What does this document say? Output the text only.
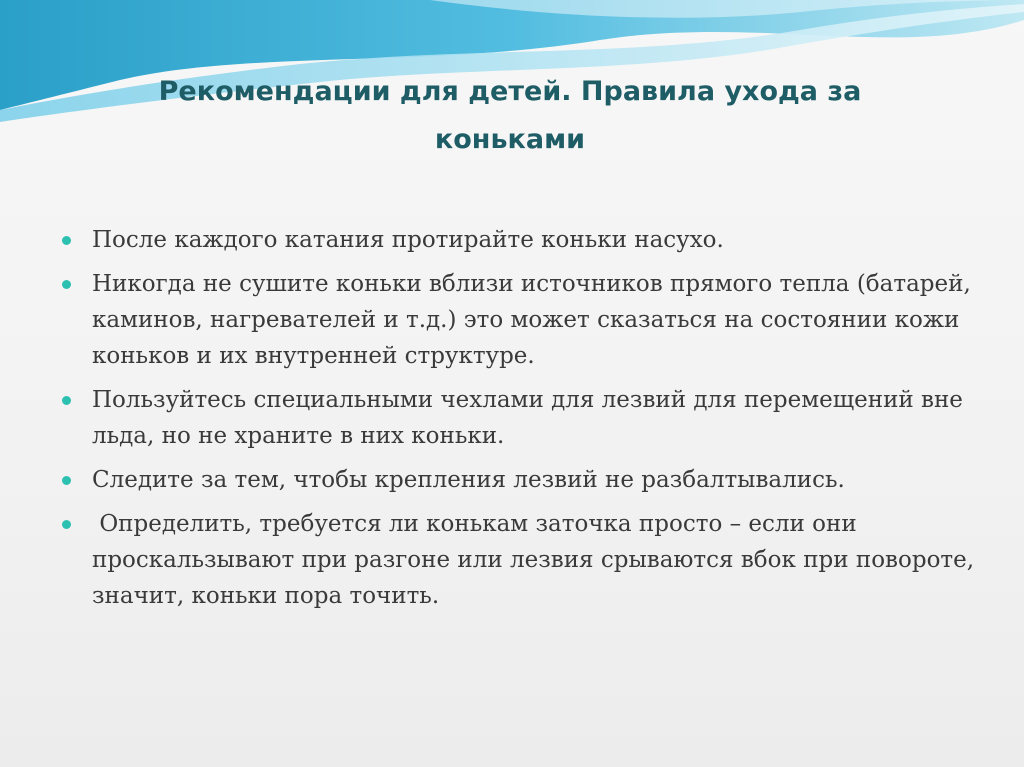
Рекомендации для детей. Правила ухода за коньками
После каждого катания протирайте коньки насухо.
Никогда не сушите коньки вблизи источников прямого тепла (батарей, каминов, нагревателей и т.д.) это может сказаться на состоянии кожи коньков и их внутренней структуре.
Пользуйтесь специальными чехлами для лезвий для перемещений вне льда, но не храните в них коньки.
Следите за тем, чтобы крепления лезвий не разбалтывались.
Определить, требуется ли конькам заточка просто – если они проскальзывают при разгоне или лезвия срываются вбок при повороте, значит, коньки пора точить.
